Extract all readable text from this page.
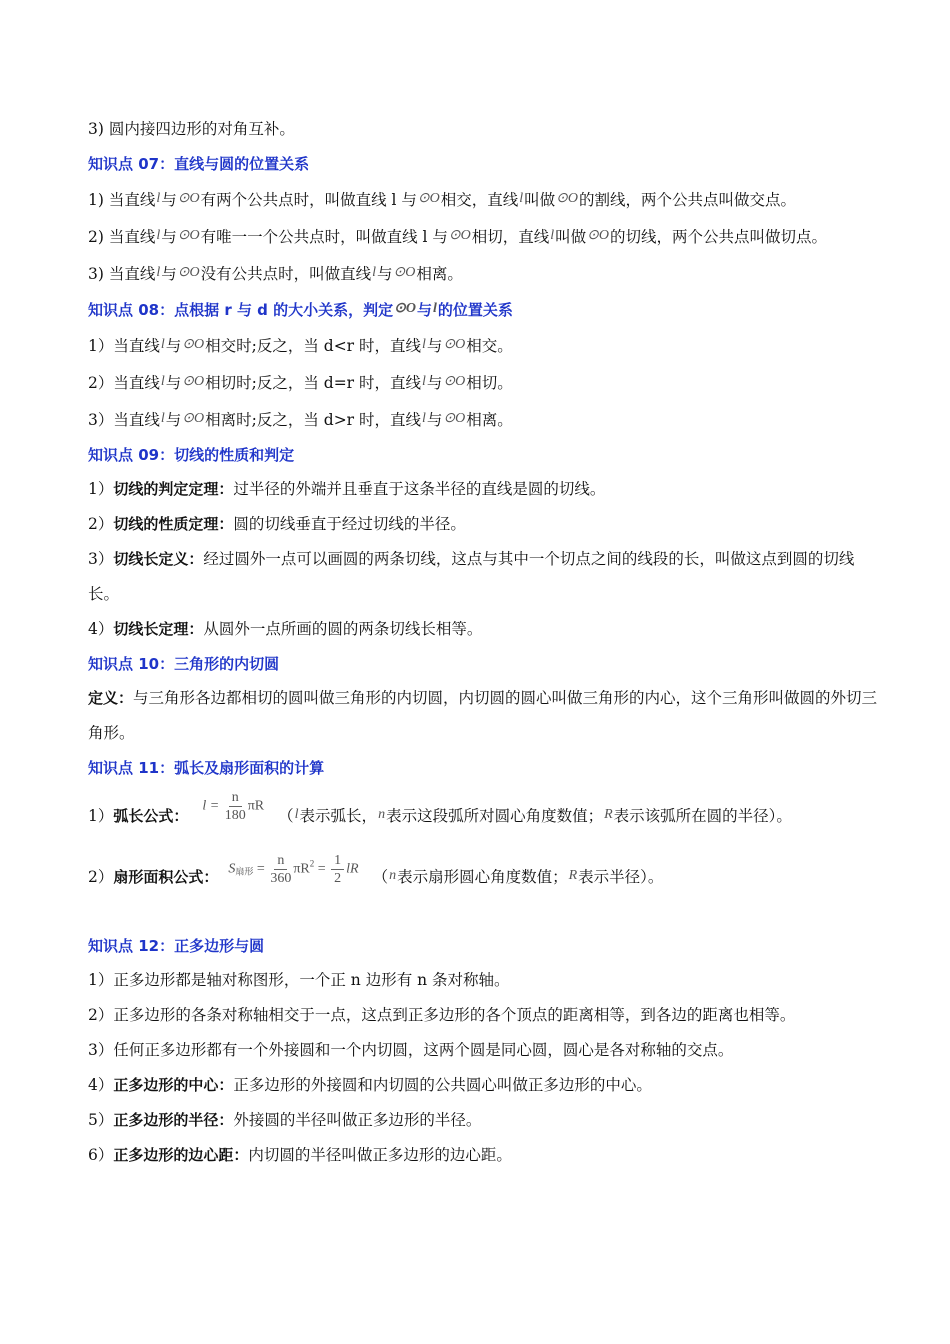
3) 圆内接四边形的对角互补。
知识点 07：直线与圆的位置关系
1) 当直线l与⊙O有两个公共点时，叫做直线 l 与⊙O相交，直线l叫做⊙O的割线，两个公共点叫做交点。
2) 当直线l与⊙O有唯一一个公共点时，叫做直线 l 与⊙O相切，直线l叫做⊙O的切线，两个公共点叫做切点。
3) 当直线l与⊙O没有公共点时，叫做直线l与⊙O相离。
知识点 08：点根据 r 与 d 的大小关系，判定⊙O与l的位置关系
1）当直线l与⊙O相交时;反之，当 d<r 时，直线l与⊙O相交。
2）当直线l与⊙O相切时;反之，当 d=r 时，直线l与⊙O相切。
3）当直线l与⊙O相离时;反之，当 d>r 时，直线l与⊙O相离。
知识点 09：切线的性质和判定
1）切线的判定定理：过半径的外端并且垂直于这条半径的直线是圆的切线。
2）切线的性质定理：圆的切线垂直于经过切线的半径。
3）切线长定义：经过圆外一点可以画圆的两条切线，这点与其中一个切点之间的线段的长，叫做这点到圆的切线长。
4）切线长定理：从圆外一点所画的圆的两条切线长相等。
知识点 10：三角形的内切圆
定义：与三角形各边都相切的圆叫做三角形的内切圆，内切圆的圆心叫做三角形的内心，这个三角形叫做圆的外切三角形。
知识点 11：弧长及扇形面积的计算
1） 弧长公式：
$l = \frac{n}{180}$ πR
（l表示弧长，n表示这段弧所对圆心角度数值；R表示该弧所在圆的半径）。
2） 扇形面积公式： $S_{扇形} = \frac{n}{360} \pi R^2 = \frac{1}{2}$ lR （n表示扇形圆心角度数值；R表示半径）。
知识点 12：正多边形与圆
1）正多边形都是轴对称图形，一个正 n 边形有 n 条对称轴。
2）正多边形的各条对称轴相交于一点，这点到正多边形的各个顶点的距离相等，到各边的距离也相等。
3）任何正多边形都有一个外接圆和一个内切圆，这两个圆是同心圆，圆心是各对称轴的交点。
4）正多边形的中心：正多边形的外接圆和内切圆的公共圆心叫做正多边形的中心。
5）正多边形的半径：外接圆的半径叫做正多边形的半径。
6）正多边形的边心距：内切圆的半径叫做正多边形的边心距。
